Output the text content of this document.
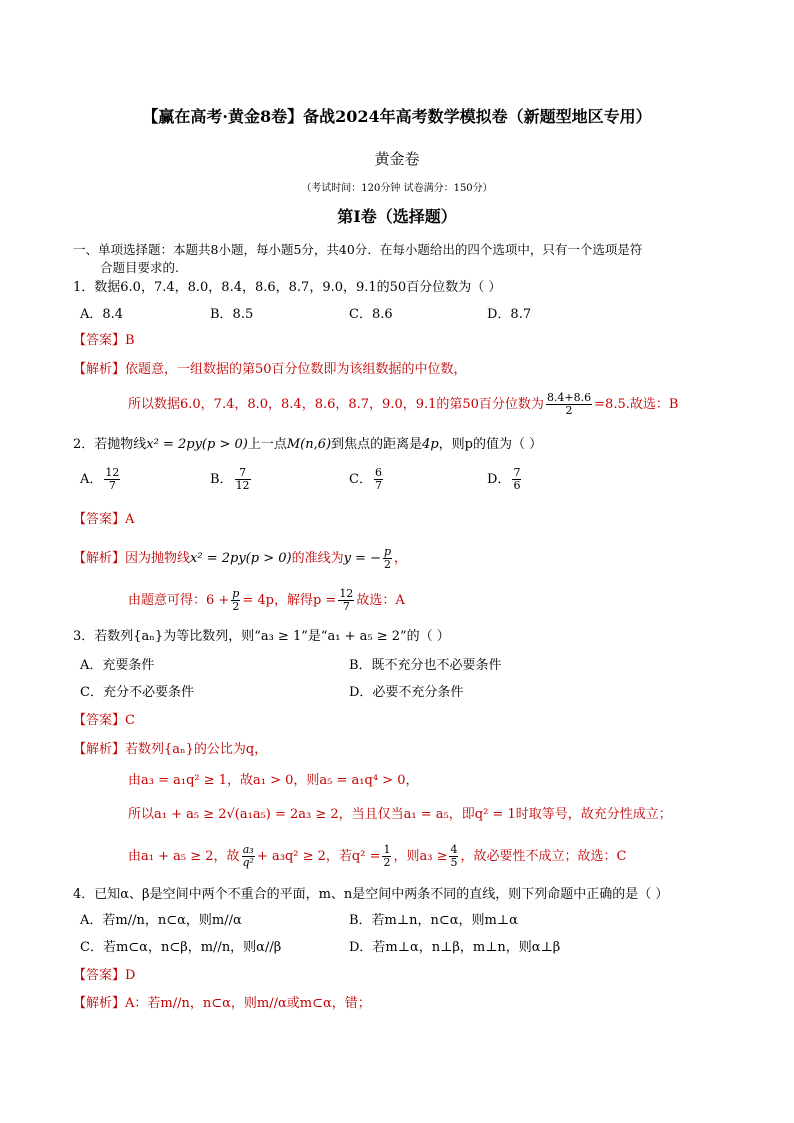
【赢在高考·黄金8卷】备战2024年高考数学模拟卷（新题型地区专用）
黄金卷
（考试时间：120分钟 试卷满分：150分）
第I卷（选择题）
一、单项选择题：本题共8小题，每小题5分，共40分．在每小题给出的四个选项中，只有一个选项是符
合题目要求的.
1．数据6.0，7.4，8.0，8.4，8.6，8.7，9.0，9.1的50百分位数为（ ）
A．8.4	B．8.5	C．8.6	D．8.7
【答案】B
【解析】依题意，一组数据的第50百分位数即为该组数据的中位数，
所以数据6.0，7.4，8.0，8.4，8.6，8.7，9.0，9.1的第50百分位数为 $\frac{8.4+8.6}{2} =8.5$.故选：B
2．若抛物线x² = 2py(p > 0)上一点M(n,6)到焦点的距离是4p，则p的值为（ ）
A． $\frac{12}{7}$	B． $\frac{7}{12}$	C． $\frac{6}{7}$	D． $\frac{7}{6}$
【答案】A
【解析】因为抛物线x² = 2py(p > 0)的准线为y = − $\frac{p}{2}$ ，
由题意可得：$6 + \frac{p}{2} = 4p$，解得$p = \frac{12}{7}$ 故选：A
3．若数列{aₙ}为等比数列，则“a₃ ≥ 1”是“a₁ + a₅ ≥ 2”的（ ）
A．充要条件	B．既不充分也不必要条件
C．充分不必要条件	D．必要不充分条件
【答案】C
【解析】若数列{aₙ}的公比为q，
由a₃ = a₁q² ≥ 1，故a₁ > 0，则a₅ = a₁q⁴ > 0，
所以a₁ + a₅ ≥ 2√(a₁a₅) = 2a₃ ≥ 2，当且仅当a₁ = a₅，即q² = 1时取等号，故充分性成立；
由a₁ + a₅ ≥ 2，故 $\frac{\text{a₃}}{\text{q²}} + a_3q^2 \ge 2$，若$q^2 = \frac{1}{2}$ ，则$a_3 \ge \frac{4}{5}$ ，故必要性不成立；故选：C
4．已知α、β是空间中两个不重合的平面，m、n是空间中两条不同的直线，则下列命题中正确的是（ ）
A．若m//n，n⊂α，则m//α	B．若m⊥n，n⊂α，则m⊥α
C．若m⊂α，n⊂β，m//n，则α//β	D．若m⊥α，n⊥β，m⊥n，则α⊥β
【答案】D
【解析】A：若m//n，n⊂α，则m//α或m⊂α，错；
